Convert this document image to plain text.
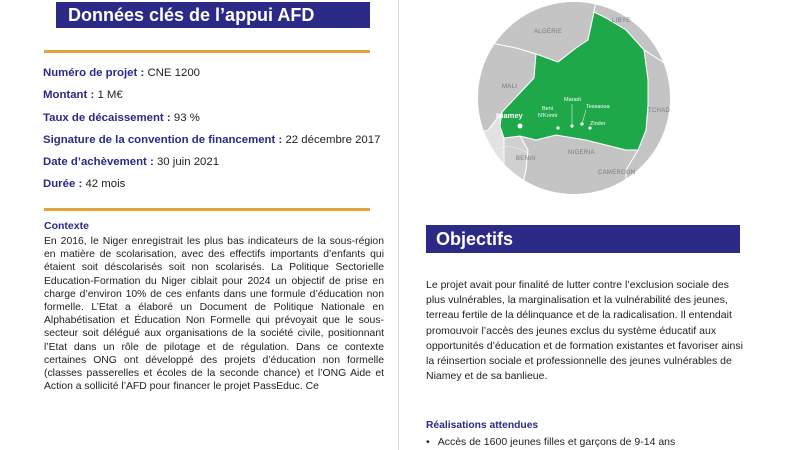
Données clés de l’appui AFD
Numéro de projet : CNE 1200
Montant : 1 M€
Taux de décaissement : 93 %
Signature de la convention de financement : 22 décembre 2017
Date d’achèvement : 30 juin 2021
Durée : 42 mois
Contexte
En 2016, le Niger enregistrait les plus bas indicateurs de la sous-région en matière de scolarisation, avec des effectifs importants d’enfants qui étaient soit déscolarisés soit non scolarisés. La Politique Sectorielle Education-Formation du Niger ciblait pour 2024 un objectif de prise en charge d’environ 10% de ces enfants dans une formule d’éducation non formelle. L’Etat a élaboré un Document de Politique Nationale en Alphabétisation et Éducation Non Formelle qui prévoyait que le sous-secteur soit délégué aux organisations de la société civile, positionnant l’Etat dans un rôle de pilotage et de régulation. Dans ce contexte certaines ONG ont développé des projets d’éducation non formelle (classes passerelles et écoles de la seconde chance) et l’ONG Aide et Action a sollicité l’AFD pour financer le projet PassEduc. Ce
ALGÉRIE
LIBYE
MALI
TCHAD
BENIN
NIGERIA
CAMEROUN
Niamey
Maradi
Beni
N'Konni
Tessaoua
Zinder
Objectifs
Le projet avait pour finalité de lutter contre l’exclusion sociale des plus vulnérables, la marginalisation et la vulnérabilité des jeunes, terreau fertile de la délinquance et de la radicalisation. Il entendait promouvoir l’accès des jeunes exclus du système éducatif aux opportunités d’éducation et de formation existantes et favoriser ainsi la réinsertion sociale et professionnelle des jeunes vulnérables de Niamey et de sa banlieue.
Réalisations attendues
• Accès de 1600 jeunes filles et garçons de 9-14 ans
